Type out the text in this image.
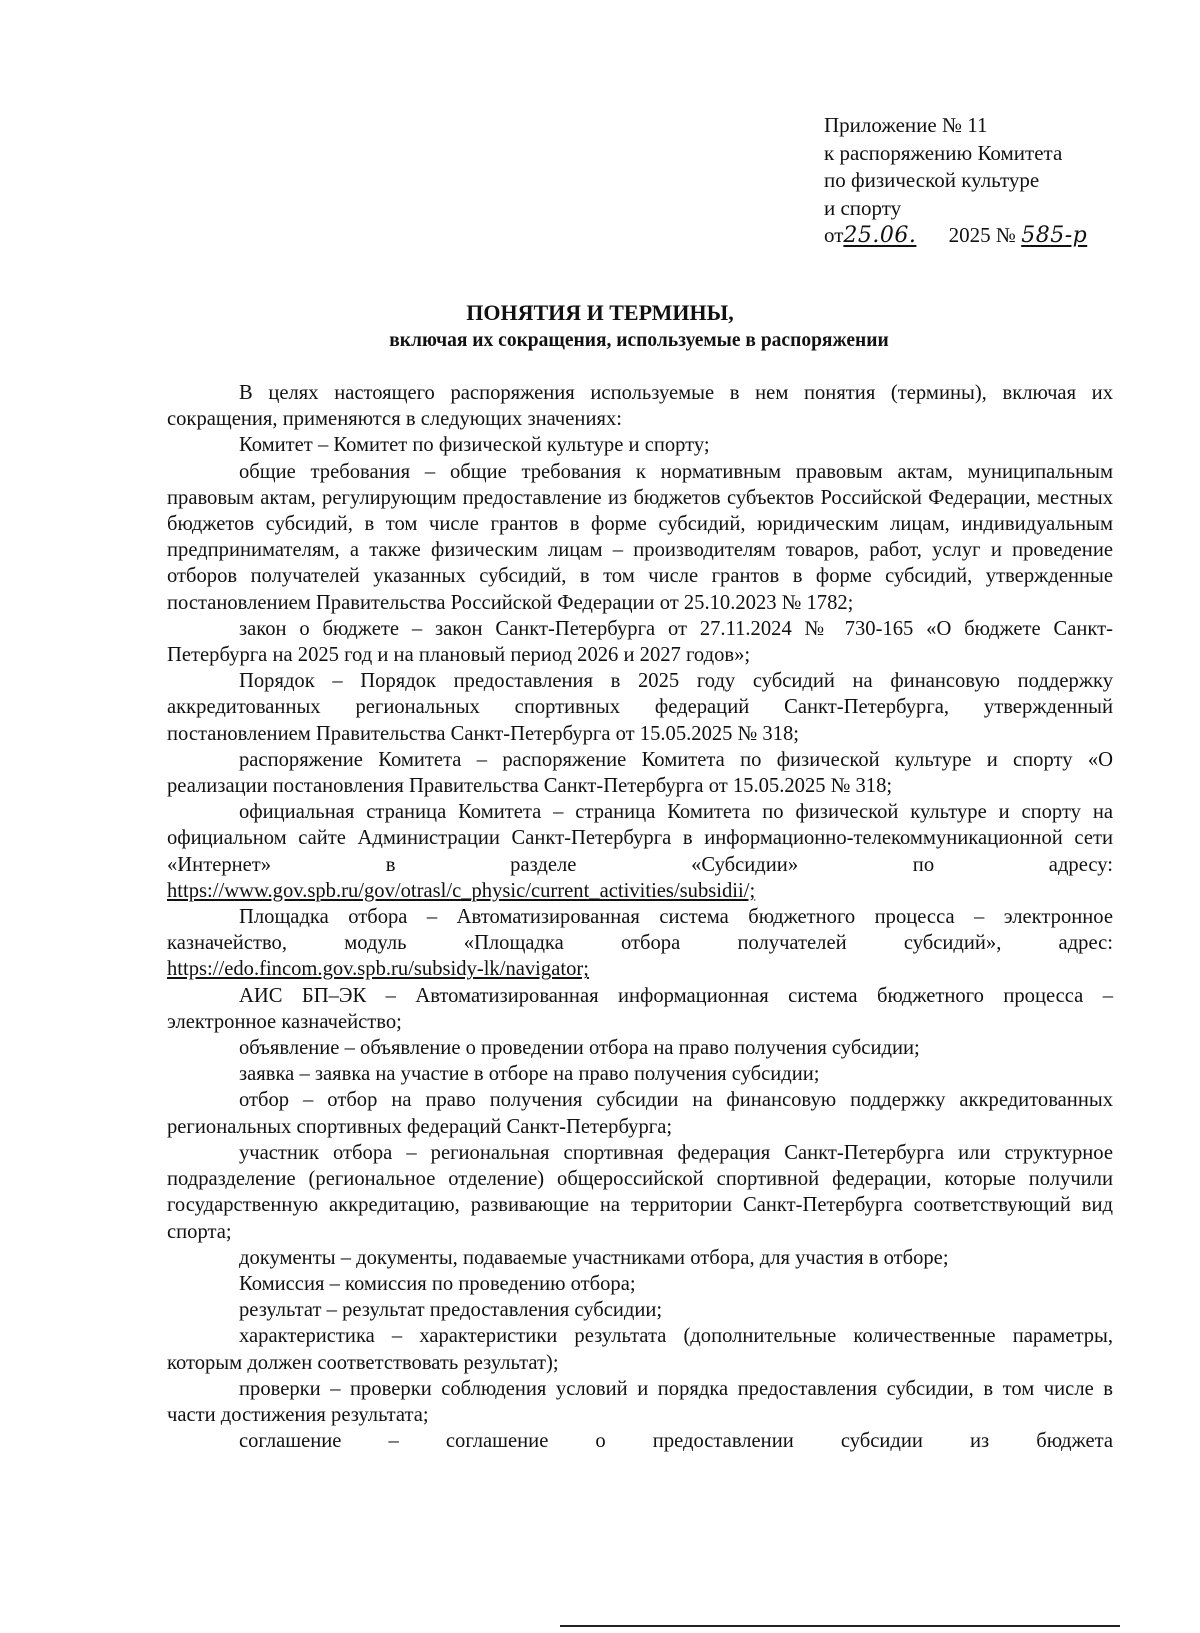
Приложение № 11
к распоряжению Комитета
по физической культуре
и спорту
от25.06. 2025 № 585-р
ПОНЯТИЯ И ТЕРМИНЫ,
включая их сокращения, используемые в распоряжении

В целях настоящего распоряжения используемые в нем понятия (термины), включая их сокращения, применяются в следующих значениях:

Комитет – Комитет по физической культуре и спорту;

общие требования – общие требования к нормативным правовым актам, муниципальным правовым актам, регулирующим предоставление из бюджетов субъектов Российской Федерации, местных бюджетов субсидий, в том числе грантов в форме субсидий, юридическим лицам, индивидуальным предпринимателям, а также физическим лицам – производителям товаров, работ, услуг и проведение отборов получателей указанных субсидий, в том числе грантов в форме субсидий, утвержденные постановлением Правительства Российской Федерации от 25.10.2023 № 1782;

закон о бюджете – закон Санкт-Петербурга от 27.11.2024 № 730-165 «О бюджете Санкт-Петербурга на 2025 год и на плановый период 2026 и 2027 годов»;

Порядок – Порядок предоставления в 2025 году субсидий на финансовую поддержку аккредитованных региональных спортивных федераций Санкт-Петербурга, утвержденный постановлением Правительства Санкт-Петербурга от 15.05.2025 № 318;

распоряжение Комитета – распоряжение Комитета по физической культуре и спорту «О реализации постановления Правительства Санкт-Петербурга от 15.05.2025 № 318;

официальная страница Комитета – страница Комитета по физической культуре и спорту на официальном сайте Администрации Санкт-Петербурга в информационно-телекоммуникационной сети «Интернет» в разделе «Субсидии» по адресу: https://www.gov.spb.ru/gov/otrasl/c_physic/current_activities/subsidii/;

Площадка отбора – Автоматизированная система бюджетного процесса – электронное казначейство, модуль «Площадка отбора получателей субсидий», адрес: https://edo.fincom.gov.spb.ru/subsidy-lk/navigator;

АИС БП–ЭК – Автоматизированная информационная система бюджетного процесса – электронное казначейство;

объявление – объявление о проведении отбора на право получения субсидии;

заявка – заявка на участие в отборе на право получения субсидии;

отбор – отбор на право получения субсидии на финансовую поддержку аккредитованных региональных спортивных федераций Санкт-Петербурга;

участник отбора – региональная спортивная федерация Санкт-Петербурга или структурное подразделение (региональное отделение) общероссийской спортивной федерации, которые получили государственную аккредитацию, развивающие на территории Санкт-Петербурга соответствующий вид спорта;

документы – документы, подаваемые участниками отбора, для участия в отборе;

Комиссия – комиссия по проведению отбора;

результат – результат предоставления субсидии;

характеристика – характеристики результата (дополнительные количественные параметры, которым должен соответствовать результат);

проверки – проверки соблюдения условий и порядка предоставления субсидии, в том числе в части достижения результата;

соглашение – соглашение о предоставлении субсидии из бюджета
